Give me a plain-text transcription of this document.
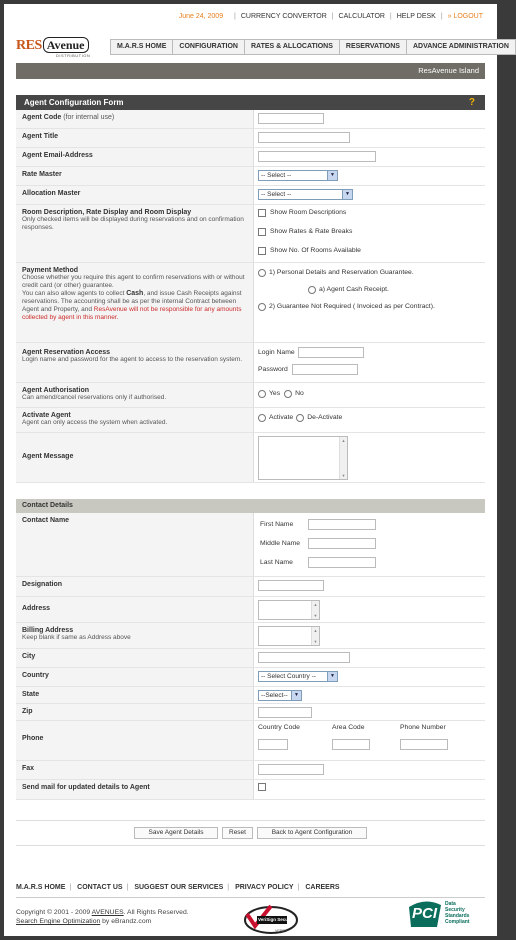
June 24, 2009 | CURRENCY CONVERTOR | CALCULATOR | HELP DESK | » LOGOUT
RES Avenue
DISTRIBUTION
M.A.R.S HOME	CONFIGURATION	RATES & ALLOCATIONS	RESERVATIONS	ADVANCE ADMINISTRATION
ResAvenue Island
Agent Configuration Form	?
Agent Code (for internal use)
Agent Title
Agent Email-Address
Rate Master	-- Select --	▼
Allocation Master	-- Select --	▼
Room Description, Rate Display and Room Display

Only checked items will be displayed during reservations and on confirmation responses.

Show Room Descriptions
Show Rates & Rate Breaks
Show No. Of Rooms Available
Payment Method

Choose whether you require this agent to confirm reservations with or without credit card (or other) guarantee.

You can also allow agents to collect Cash, and issue Cash Receipts against reservations. The accounting shall be as per the internal Contract between Agent and Property, and ResAvenue will not be responsible for any amounts collected by agent in this manner.

1) Personal Details and Reservation Guarantee.
a) Agent Cash Receipt.
2) Guarantee Not Required ( Invoiced as per Contract).
Agent Reservation Access

Login name and password for the agent to access to the reservation system.

Login Name
Password
Agent Authorisation

Can amend/cancel reservations only if authorised.

Yes No
Activate Agent

Agent can only access the system when activated.

Activate De-Activate
Agent Message
▲
▼
Contact Details
Contact Name	First Name
Middle Name
Last Name
Designation
Address
▲
▼
Billing Address

Keep blank if same as Address above

▲
▼
City
Country	-- Select Country --	▼
State	--Select--	▼
Zip
Phone
Country Code	Area Code	Phone Number
Fax
Send mail for updated details to Agent
Save Agent Details	Reset	Back to Agent Configuration
M.A.R.S HOME | CONTACT US | SUGGEST OUR SERVICES | PRIVACY POLICY | CAREERS
Copyright © 2001 - 2009 AVENUES. All Rights Reserved.
Search Engine Optimization by eBrandz.com	VeriSign Secured
VERIFY
PCI
Data
Security
Standards
Compliant
